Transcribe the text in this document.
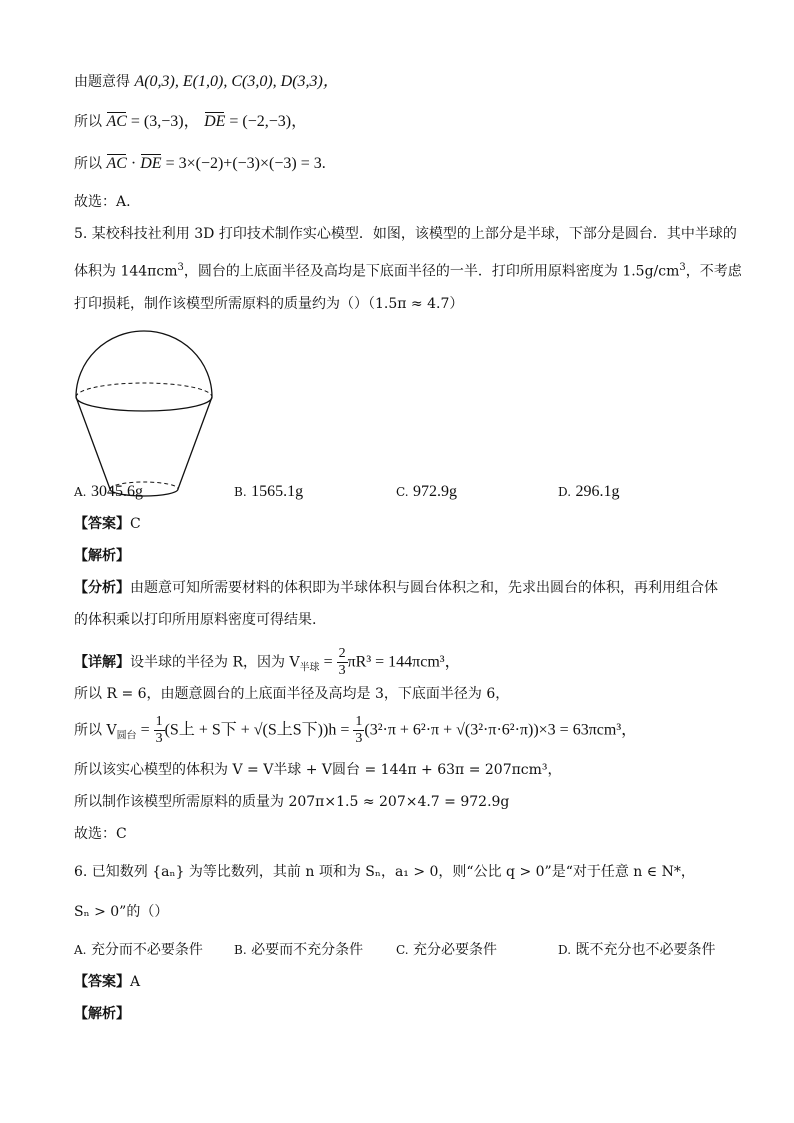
由题意得 A(0,3), E(1,0), C(3,0), D(3,3)，
所以 AC = (3,−3)， DE = (−2,−3)，
所以 AC · DE = 3×(−2)+(−3)×(−3) = 3.
故选：A.
5. 某校科技社利用 3D 打印技术制作实心模型．如图，该模型的上部分是半球，下部分是圆台．其中半球的
体积为 144πcm$^3$，圆台的上底面半径及高均是下底面半径的一半．打印所用原料密度为 $1.5g/cm^3$，不考虑
打印损耗，制作该模型所需原料的质量约为（）（1.5π ≈ 4.7）
A. 3045.6g	B. 1565.1g	C. 972.9g	D. 296.1g
【答案】C
【解析】
【分析】由题意可知所需要材料的体积即为半球体积与圆台体积之和，先求出圆台的体积，再利用组合体
的体积乘以打印所用原料密度可得结果.
【详解】设半球的半径为 R，因为 $V_{半球} = \frac{2}{3} \pi R^3 = 144\pi cm^3$，
所以 R = 6，由题意圆台的上底面半径及高均是 3，下底面半径为 6，
所以 $V_{圆台} = \frac{1}{3} (S$上 + S下 + √(S上S下))$h = \frac{1}{3} (3^2\cdot\pi + 6^2\cdot\pi + √(3^2\cdot\pi\cdot 6^2\cdot\pi))\times 3 = 63\pi cm^3$，
所以该实心模型的体积为 V = V半球 + V圆台 = 144π + 63π = 207πcm³，
所以制作该模型所需原料的质量为 207π×1.5 ≈ 207×4.7 = 972.9g
故选：C
6. 已知数列 {aₙ} 为等比数列，其前 n 项和为 Sₙ，a₁ > 0，则“公比 q > 0”是“对于任意 n ∈ N*，
Sₙ > 0”的（）
A. 充分而不必要条件	B. 必要而不充分条件	C. 充分必要条件	D. 既不充分也不必要条件
【答案】A
【解析】
